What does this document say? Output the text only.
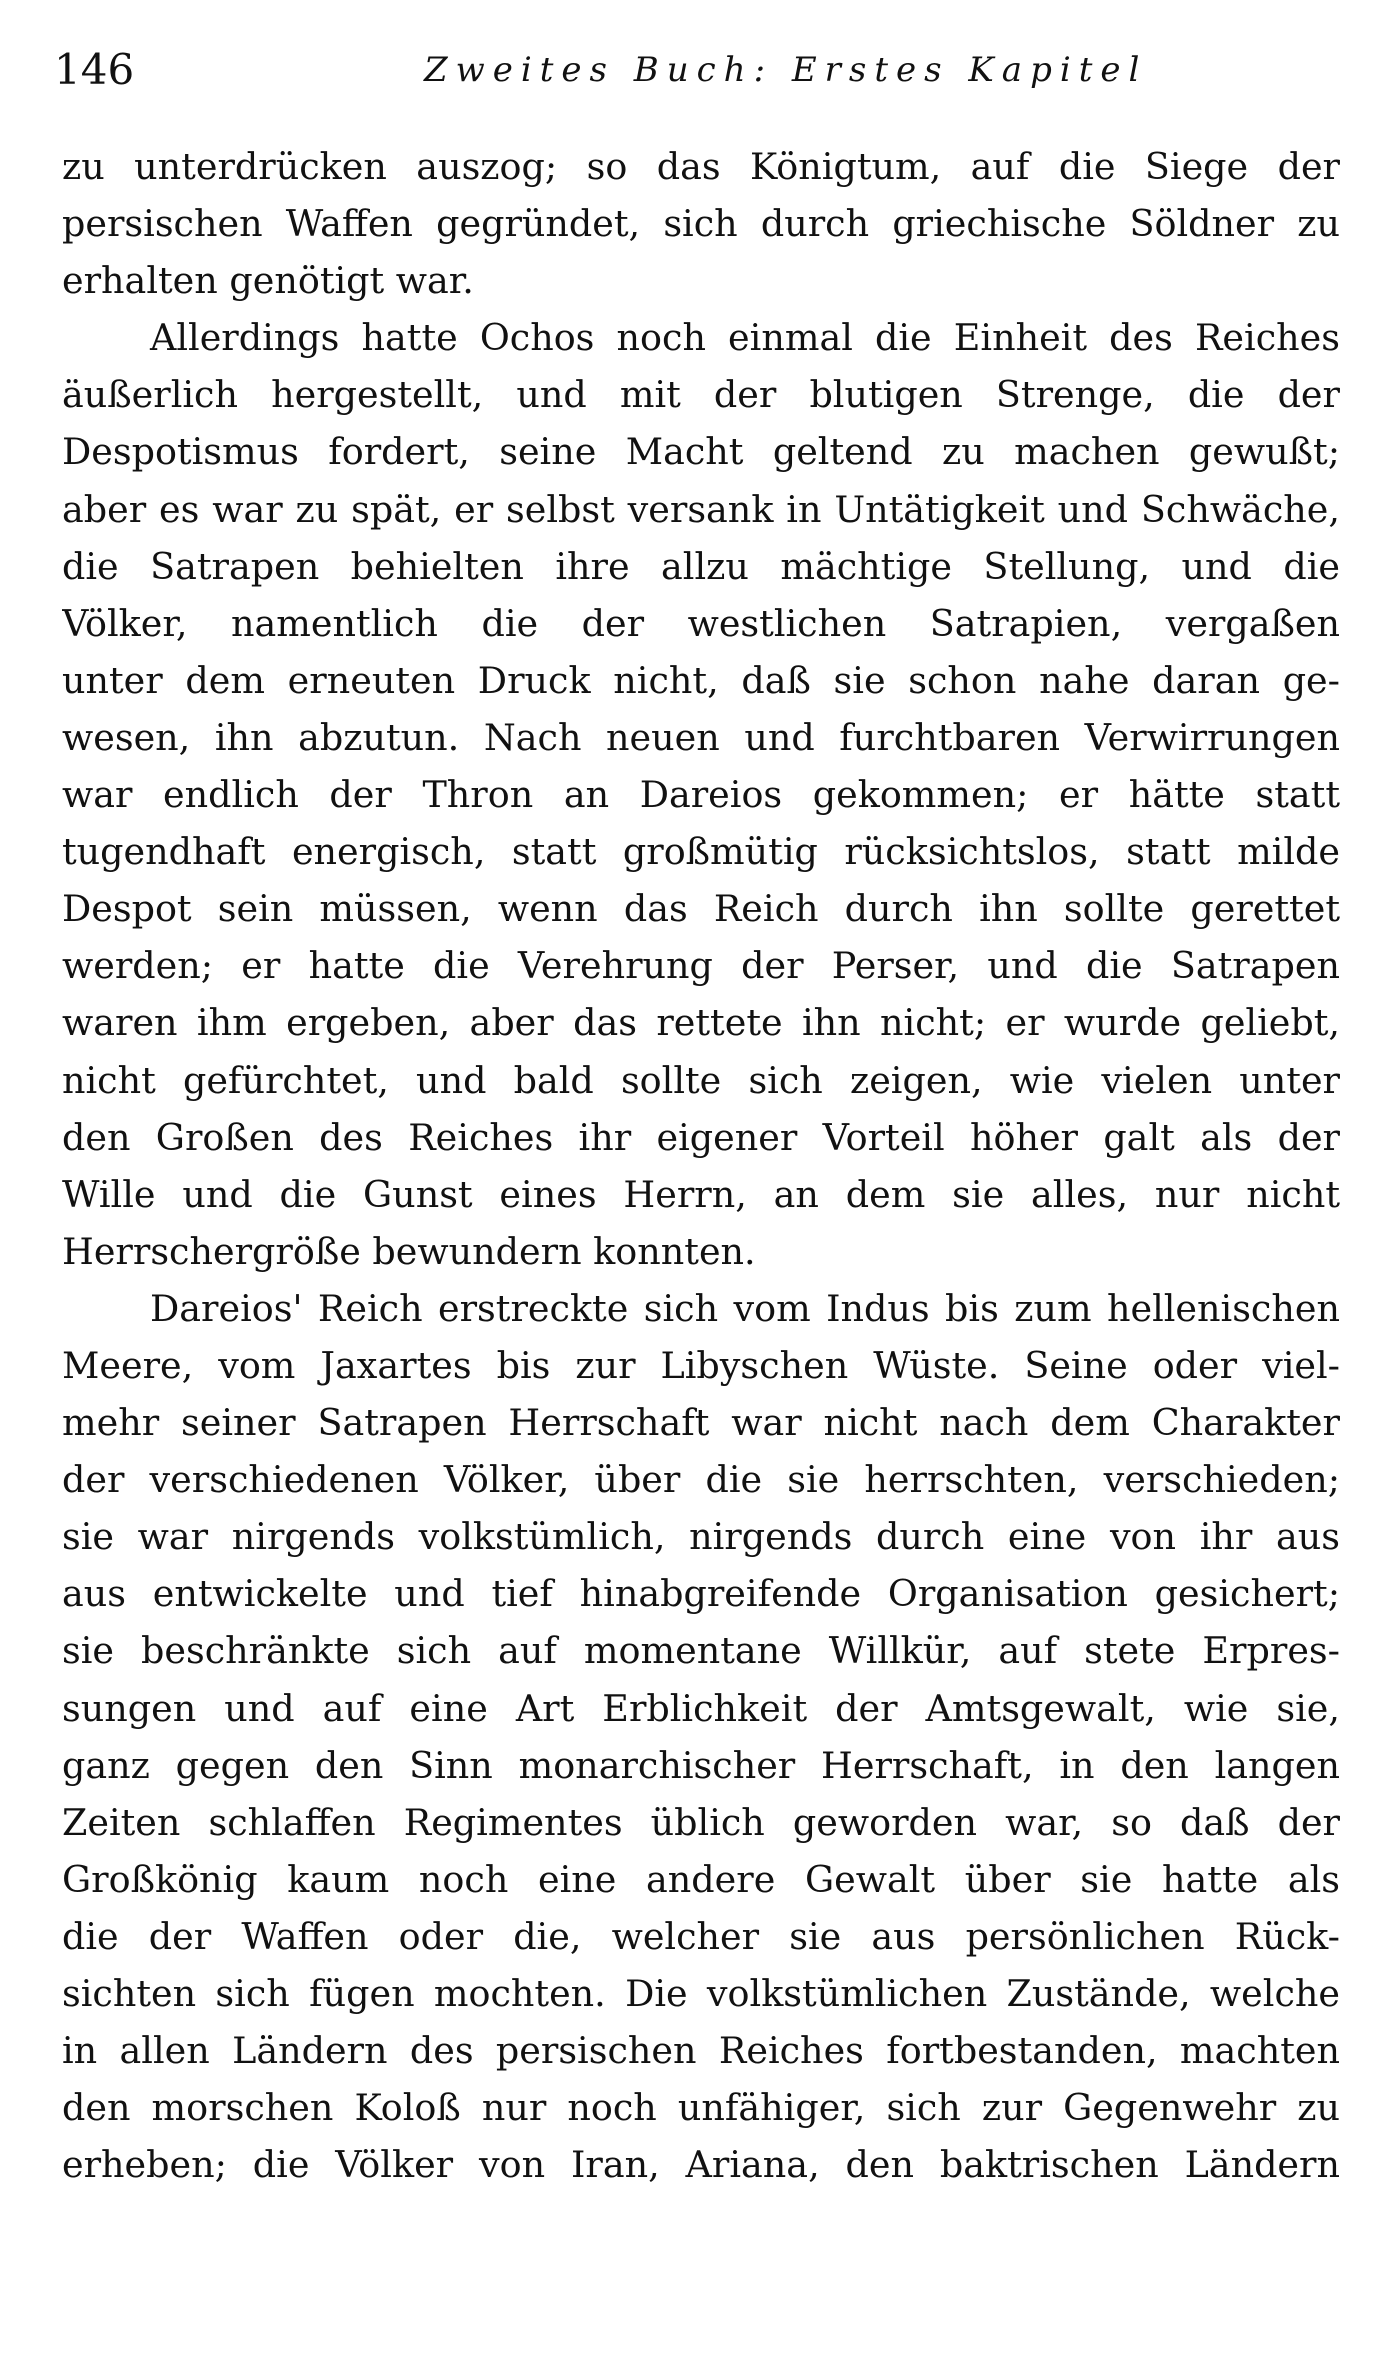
146	Zweites Buch: Erstes Kapitel
zu unterdrücken auszog; so das Königtum, auf die Siege der
persischen Waffen gegründet, sich durch griechische Söldner zu
erhalten genötigt war.
Allerdings hatte Ochos noch einmal die Einheit des Reiches
äußerlich hergestellt, und mit der blutigen Strenge, die der
Despotismus fordert, seine Macht geltend zu machen gewußt;
aber es war zu spät, er selbst versank in Untätigkeit und Schwäche,
die Satrapen behielten ihre allzu mächtige Stellung, und die
Völker, namentlich die der westlichen Satrapien, vergaßen
unter dem erneuten Druck nicht, daß sie schon nahe daran ge-
wesen, ihn abzutun. Nach neuen und furchtbaren Verwirrungen
war endlich der Thron an Dareios gekommen; er hätte statt
tugendhaft energisch, statt großmütig rücksichtslos, statt milde
Despot sein müssen, wenn das Reich durch ihn sollte gerettet
werden; er hatte die Verehrung der Perser, und die Satrapen
waren ihm ergeben, aber das rettete ihn nicht; er wurde geliebt,
nicht gefürchtet, und bald sollte sich zeigen, wie vielen unter
den Großen des Reiches ihr eigener Vorteil höher galt als der
Wille und die Gunst eines Herrn, an dem sie alles, nur nicht
Herrschergröße bewundern konnten.
Dareios' Reich erstreckte sich vom Indus bis zum hellenischen
Meere, vom Jaxartes bis zur Libyschen Wüste. Seine oder viel-
mehr seiner Satrapen Herrschaft war nicht nach dem Charakter
der verschiedenen Völker, über die sie herrschten, verschieden;
sie war nirgends volkstümlich, nirgends durch eine von ihr aus
aus entwickelte und tief hinabgreifende Organisation gesichert;
sie beschränkte sich auf momentane Willkür, auf stete Erpres-
sungen und auf eine Art Erblichkeit der Amtsgewalt, wie sie,
ganz gegen den Sinn monarchischer Herrschaft, in den langen
Zeiten schlaffen Regimentes üblich geworden war, so daß der
Großkönig kaum noch eine andere Gewalt über sie hatte als
die der Waffen oder die, welcher sie aus persönlichen Rück-
sichten sich fügen mochten. Die volkstümlichen Zustände, welche
in allen Ländern des persischen Reiches fortbestanden, machten
den morschen Koloß nur noch unfähiger, sich zur Gegenwehr zu
erheben; die Völker von Iran, Ariana, den baktrischen Ländern
